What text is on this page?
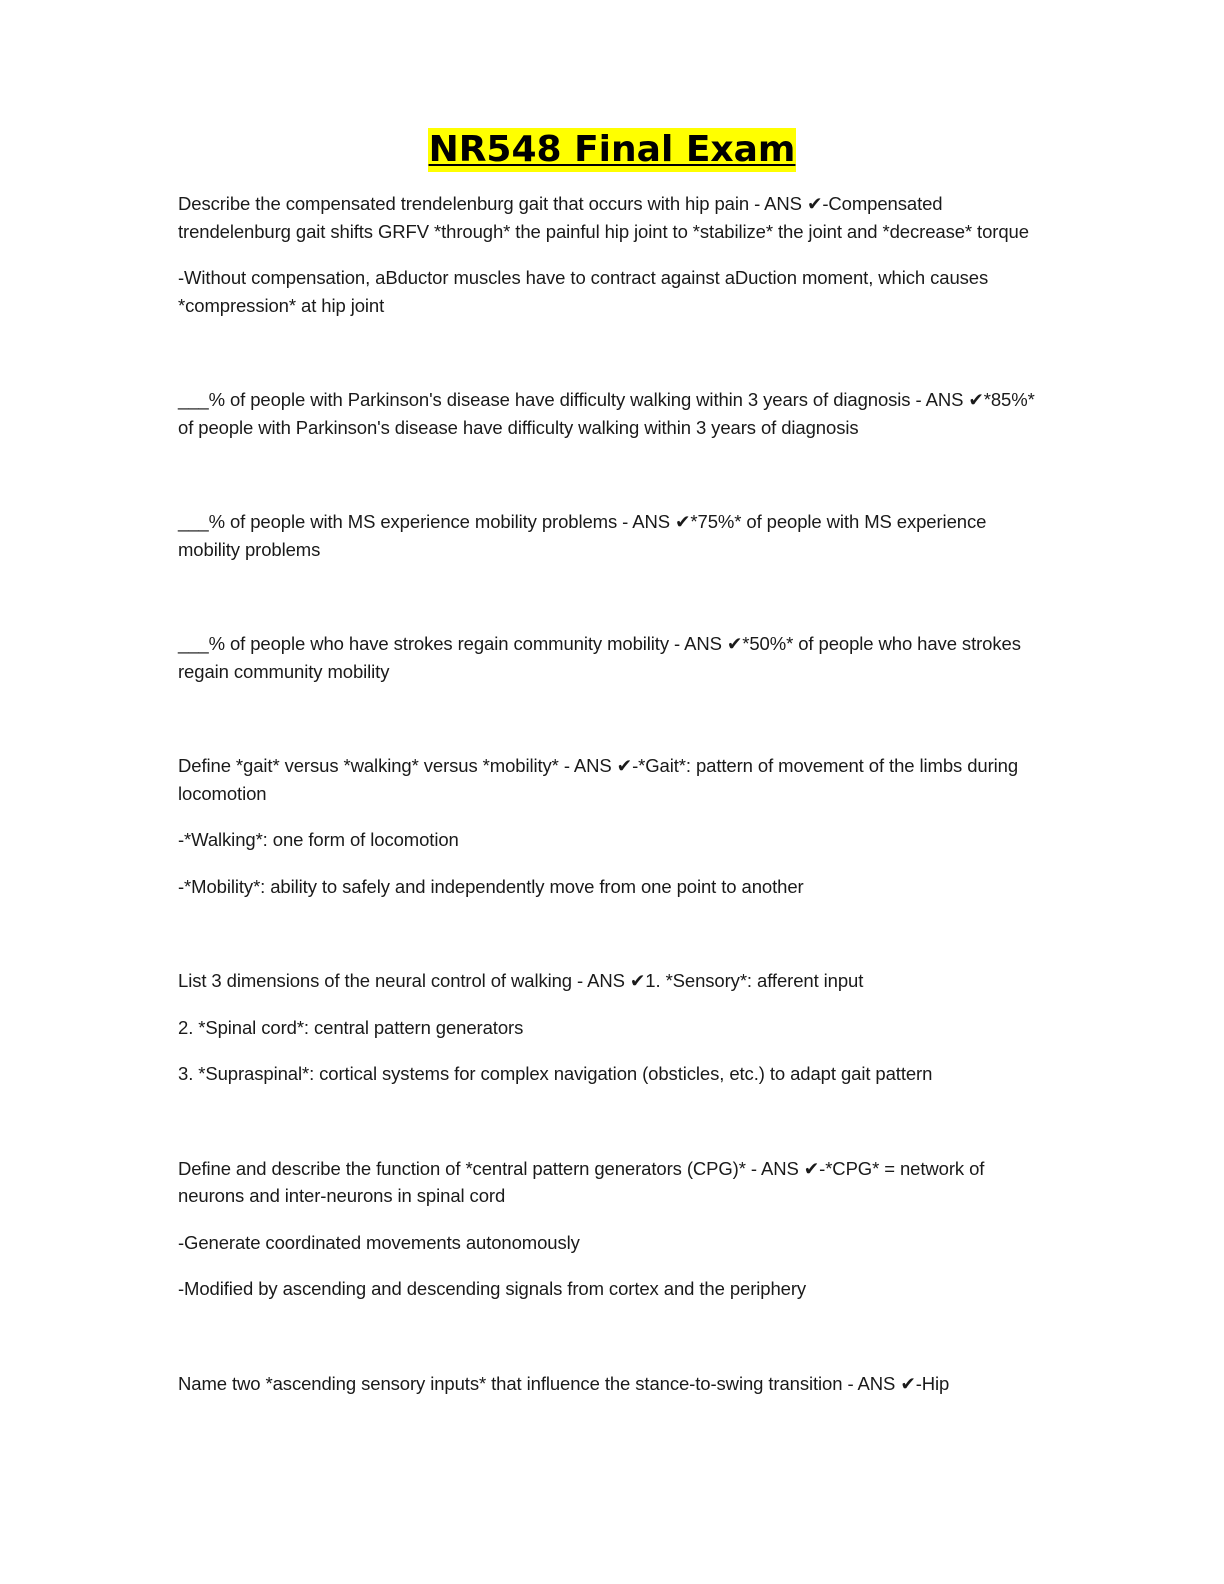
NR548 Final Exam

Describe the compensated trendelenburg gait that occurs with hip pain - ANS ✔-Compensated trendelenburg gait shifts GRFV *through* the painful hip joint to *stabilize* the joint and *decrease* torque

-Without compensation, aBductor muscles have to contract against aDuction moment, which causes *compression* at hip joint

___% of people with Parkinson's disease have difficulty walking within 3 years of diagnosis - ANS ✔*85%* of people with Parkinson's disease have difficulty walking within 3 years of diagnosis

___% of people with MS experience mobility problems - ANS ✔*75%* of people with MS experience mobility problems

___% of people who have strokes regain community mobility - ANS ✔*50%* of people who have strokes regain community mobility

Define *gait* versus *walking* versus *mobility* - ANS ✔-*Gait*: pattern of movement of the limbs during locomotion

-*Walking*: one form of locomotion

-*Mobility*: ability to safely and independently move from one point to another

List 3 dimensions of the neural control of walking - ANS ✔1. *Sensory*: afferent input

2. *Spinal cord*: central pattern generators

3. *Supraspinal*: cortical systems for complex navigation (obsticles, etc.) to adapt gait pattern

Define and describe the function of *central pattern generators (CPG)* - ANS ✔-*CPG* = network of neurons and inter-neurons in spinal cord

-Generate coordinated movements autonomously

-Modified by ascending and descending signals from cortex and the periphery

Name two *ascending sensory inputs* that influence the stance-to-swing transition - ANS ✔-Hip
